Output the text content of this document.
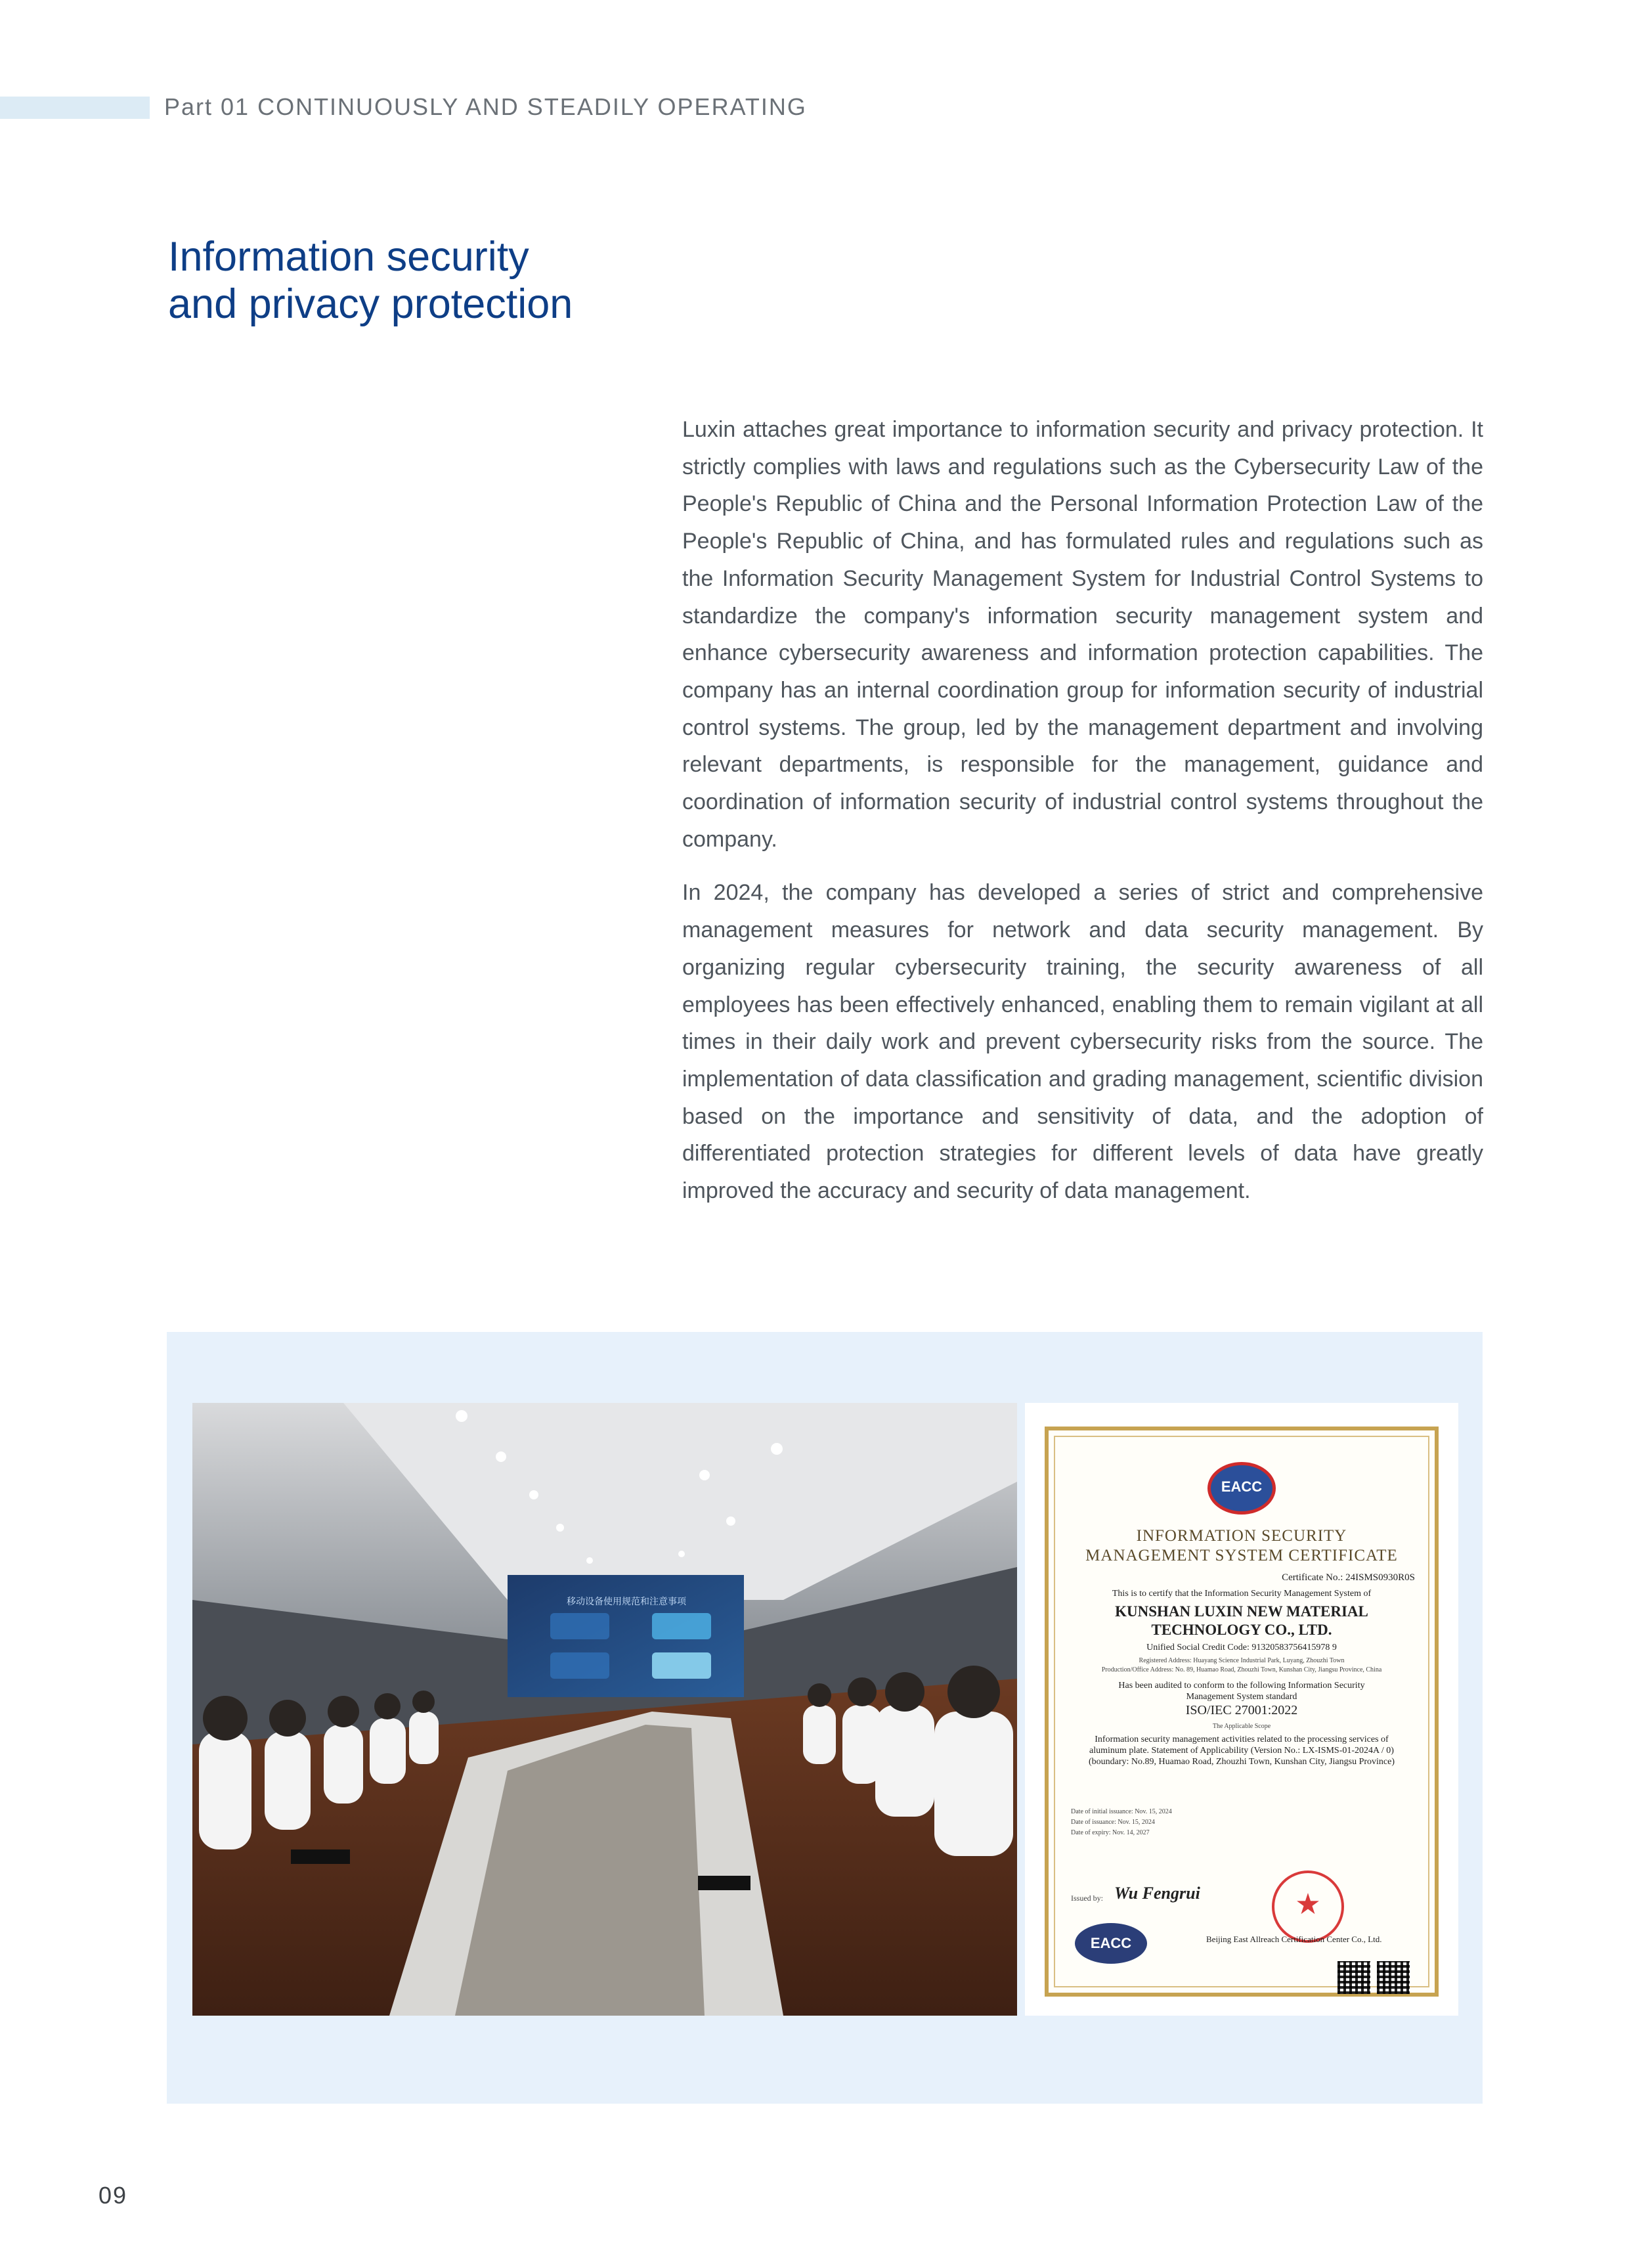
Part 01 CONTINUOUSLY AND STEADILY OPERATING
Information security
and privacy protection

Luxin attaches great importance to information security and privacy protection. It strictly complies with laws and regulations such as the Cybersecurity Law of the People's Republic of China and the Personal Information Protection Law of the People's Republic of China, and has formulated rules and regulations such as the Information Security Management System for Industrial Control Systems to standardize the company's information security management system and enhance cybersecurity awareness and information protection capabilities. The company has an internal coordination group for information security of industrial control systems. The group, led by the management department and involving relevant departments, is responsible for the management, guidance and coordination of information security of industrial control systems throughout the company.

In 2024, the company has developed a series of strict and comprehensive management measures for network and data security management. By organizing regular cybersecurity training, the security awareness of all employees has been effectively enhanced, enabling them to remain vigilant at all times in their daily work and prevent cybersecurity risks from the source. The implementation of data classification and grading management, scientific division based on the importance and sensitivity of data, and the adoption of differentiated protection strategies for different levels of data have greatly improved the accuracy and security of data management.

移动设备使用规范和注意事项
EACC
INFORMATION SECURITY
MANAGEMENT SYSTEM CERTIFICATE
Certificate No.: 24ISMS0930R0S
This is to certify that the Information Security Management System of
KUNSHAN LUXIN NEW MATERIAL
TECHNOLOGY CO., LTD.
Unified Social Credit Code: 91320583756415978 9
Registered Address: Huayang Science Industrial Park, Luyang, Zhouzhi Town
Production/Office Address: No. 89, Huamao Road, Zhouzhi Town, Kunshan City, Jiangsu Province, China
Has been audited to conform to the following Information Security Management System standard
ISO/IEC 27001:2022
The Applicable Scope
Information security management activities related to the processing services of aluminum plate. Statement of Applicability (Version No.: LX-ISMS-01-2024A / 0) (boundary: No.89, Huamao Road, Zhouzhi Town, Kunshan City, Jiangsu Province)
Date of initial issuance: Nov. 15, 2024
Date of issuance: Nov. 15, 2024
Date of expiry: Nov. 14, 2027
Issued by: Wu Fengrui	★
EACC	Beijing East Allreach Certification Center Co., Ltd.
09
